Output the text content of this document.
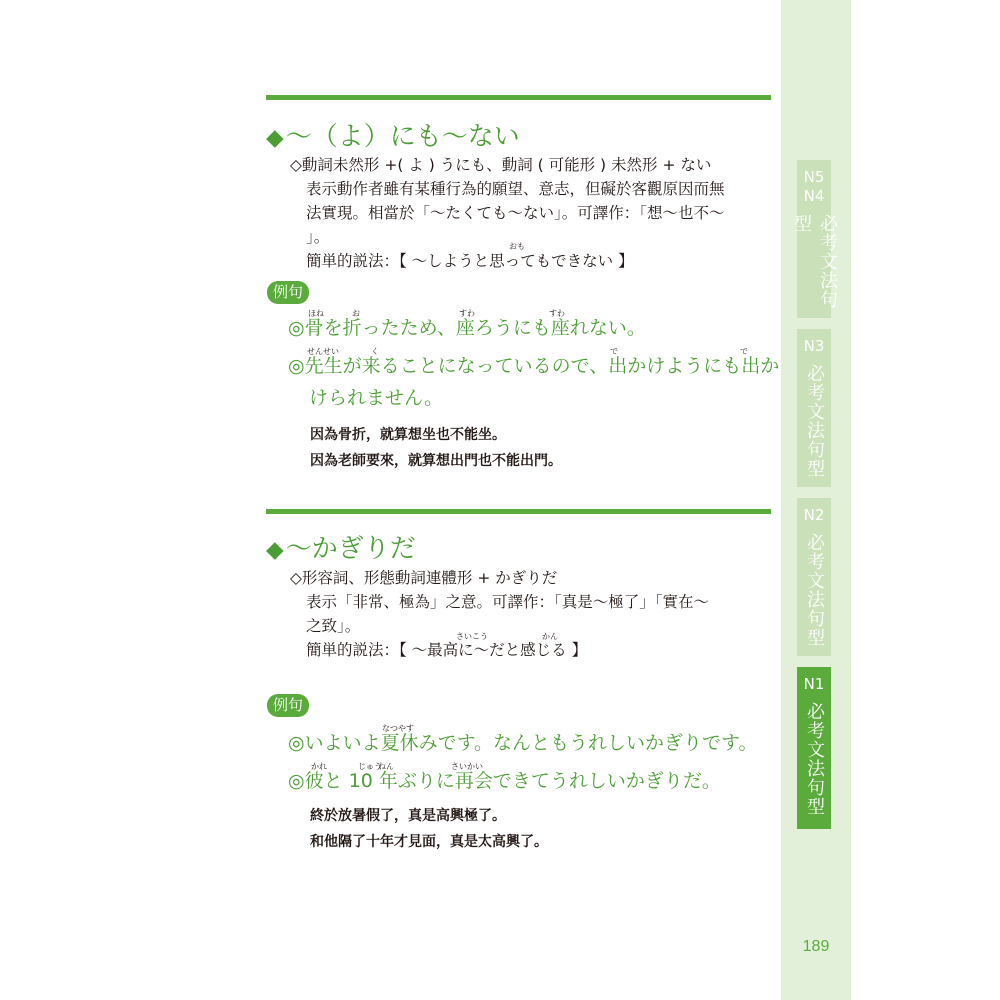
N5
N4
必考文法句型
N3
必考文法句型
N2
必考文法句型
N1
必考文法句型
189
◆～（よ）にも～ない
◇動詞未然形 +( よ ) うにも、動詞 ( 可能形 ) 未然形 + ない
表示動作者雖有某種行為的願望、意志，但礙於客觀原因而無
法實現。相當於「～たくても～ない」。可譯作：「想～也不～
」。
おも
簡単的説法：【 ～しようと思ってもできない 】
例句
ほね	お	すわ	すわ
◎骨を折ったため、座ろうにも座れない。
せんせい	く	で	で
◎先生が来ることになっているので、出かけようにも出か
けられません。
因為骨折，就算想坐也不能坐。
因為老師要來，就算想出門也不能出門。
◆～かぎりだ
◇形容詞、形態動詞連體形 + かぎりだ
表示「非常、極為」之意。可譯作：「真是～極了」「實在～
之致」。
さいこう	かん
簡単的説法：【 ～最高に～だと感じる 】
例句
なつやす
◎いよいよ夏休みです。なんともうれしいかぎりです。
かれ	じゅう
ねん	さいかい
◎彼と 10 年ぶりに再会できてうれしいかぎりだ。
終於放暑假了，真是高興極了。
和他隔了十年才見面，真是太高興了。
